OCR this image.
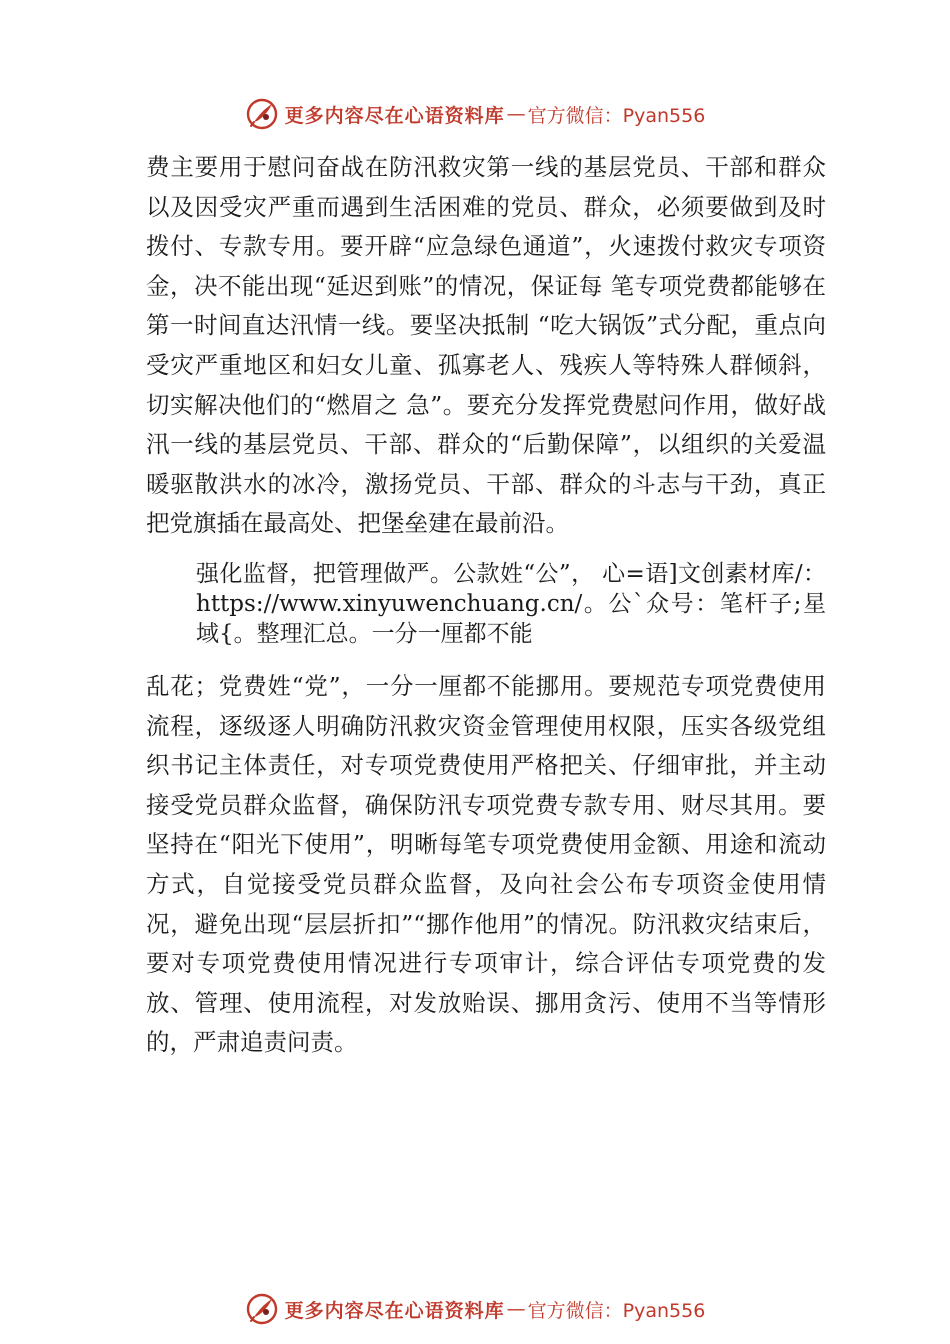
更多内容尽在心语资料库 — 官方微信：Pyan556

费主要用于慰问奋战在防汛救灾第一线的基层党员、干部和群众以及因受灾严重而遇到生活困难的党员、群众，必须要做到及时拨付、专款专用。要开辟“应急绿色通道”，火速拨付救灾专项资金，决不能出现“延迟到账”的情况，保证每 笔专项党费都能够在第一时间直达汛情一线。要坚决抵制 “吃大锅饭”式分配，重点向受灾严重地区和妇女儿童、孤寡老人、残疾人等特殊人群倾斜，切实解决他们的“燃眉之 急”。要充分发挥党费慰问作用，做好战汛一线的基层党员、干部、群众的“后勤保障”，以组织的关爱温暖驱散洪水的冰冷，激扬党员、干部、群众的斗志与干劲，真正把党旗插在最高处、把堡垒建在最前沿。

强化监督，把管理做严。公款姓“公”， 心=语]文创素材库/：https://www.xinyuwenchuang.cn/。公`众号：笔杆子;星域{。整理汇总。一分一厘都不能

乱花；党费姓“党”，一分一厘都不能挪用。要规范专项党费使用流程，逐级逐人明确防汛救灾资金管理使用权限，压实各级党组织书记主体责任，对专项党费使用严格把关、仔细审批，并主动接受党员群众监督，确保防汛专项党费专款专用、财尽其用。要坚持在“阳光下使用”，明晰每笔专项党费使用金额、用途和流动方式，自觉接受党员群众监督，及向社会公布专项资金使用情况，避免出现“层层折扣”“挪作他用”的情况。防汛救灾结束后，要对专项党费使用情况进行专项审计，综合评估专项党费的发放、管理、使用流程，对发放贻误、挪用贪污、使用不当等情形的，严肃追责问责。

更多内容尽在心语资料库 — 官方微信：Pyan556
